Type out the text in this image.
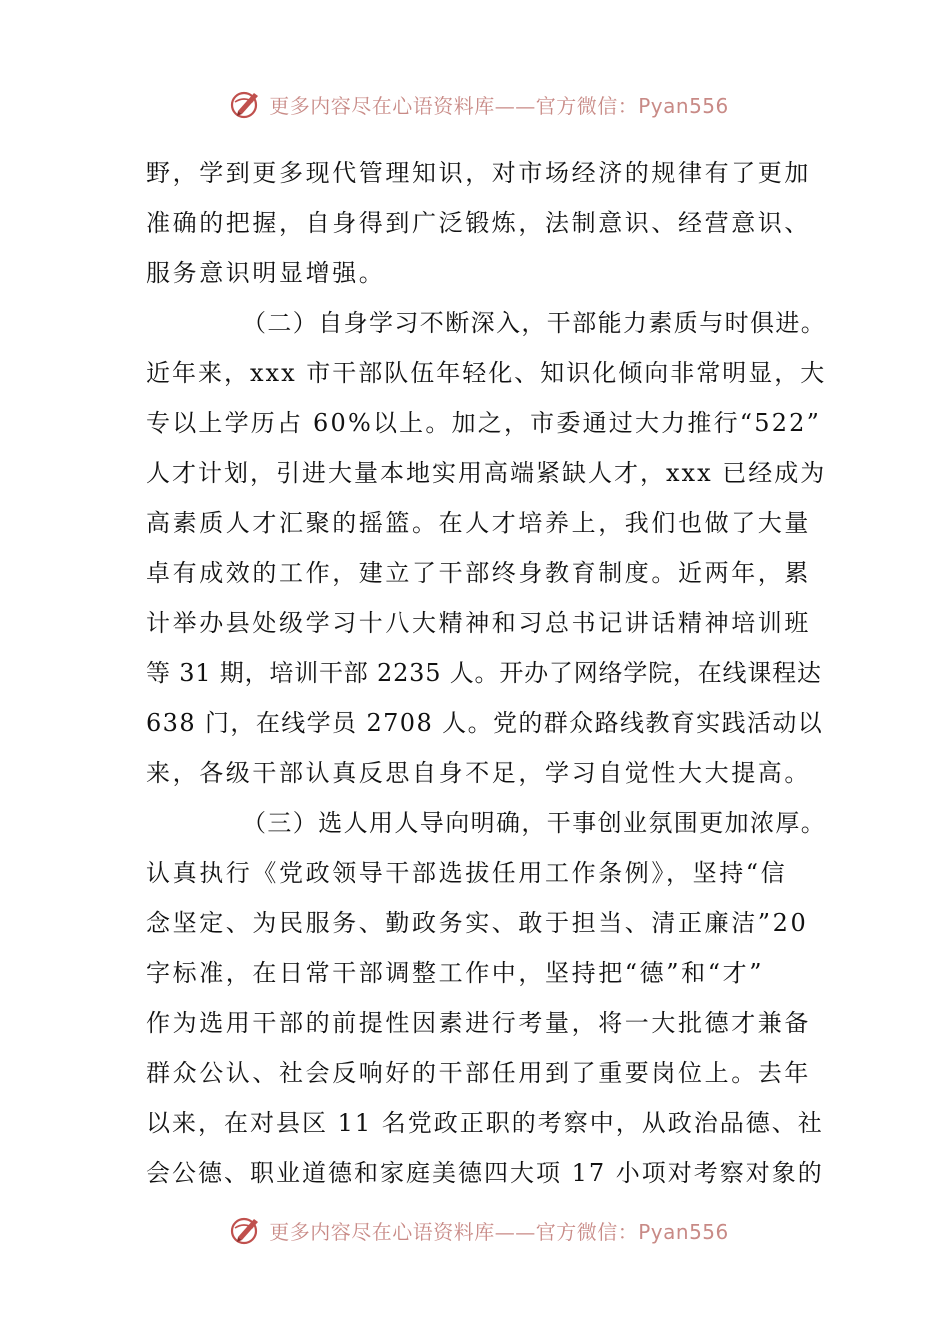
更多内容尽在心语资料库——官方微信：Pyan556
野，学到更多现代管理知识，对市场经济的规律有了更加
准确的把握，自身得到广泛锻炼，法制意识、经营意识、
服务意识明显增强。
（二）自身学习不断深入，干部能力素质与时俱进。
近年来，xxx 市干部队伍年轻化、知识化倾向非常明显，大
专以上学历占 60%以上。加之，市委通过大力推行“522”
人才计划，引进大量本地实用高端紧缺人才，xxx 已经成为
高素质人才汇聚的摇篮。在人才培养上，我们也做了大量
卓有成效的工作，建立了干部终身教育制度。近两年，累
计举办县处级学习十八大精神和习总书记讲话精神培训班
等 31 期，培训干部 2235 人。开办了网络学院，在线课程达
638 门，在线学员 2708 人。党的群众路线教育实践活动以
来，各级干部认真反思自身不足，学习自觉性大大提高。
（三）选人用人导向明确，干事创业氛围更加浓厚。
认真执行《党政领导干部选拔任用工作条例》，坚持“信
念坚定、为民服务、勤政务实、敢于担当、清正廉洁”20
字标准，在日常干部调整工作中，坚持把“德”和“才”
作为选用干部的前提性因素进行考量，将一大批德才兼备
群众公认、社会反响好的干部任用到了重要岗位上。去年
以来，在对县区 11 名党政正职的考察中，从政治品德、社
会公德、职业道德和家庭美德四大项 17 小项对考察对象的
更多内容尽在心语资料库——官方微信：Pyan556
